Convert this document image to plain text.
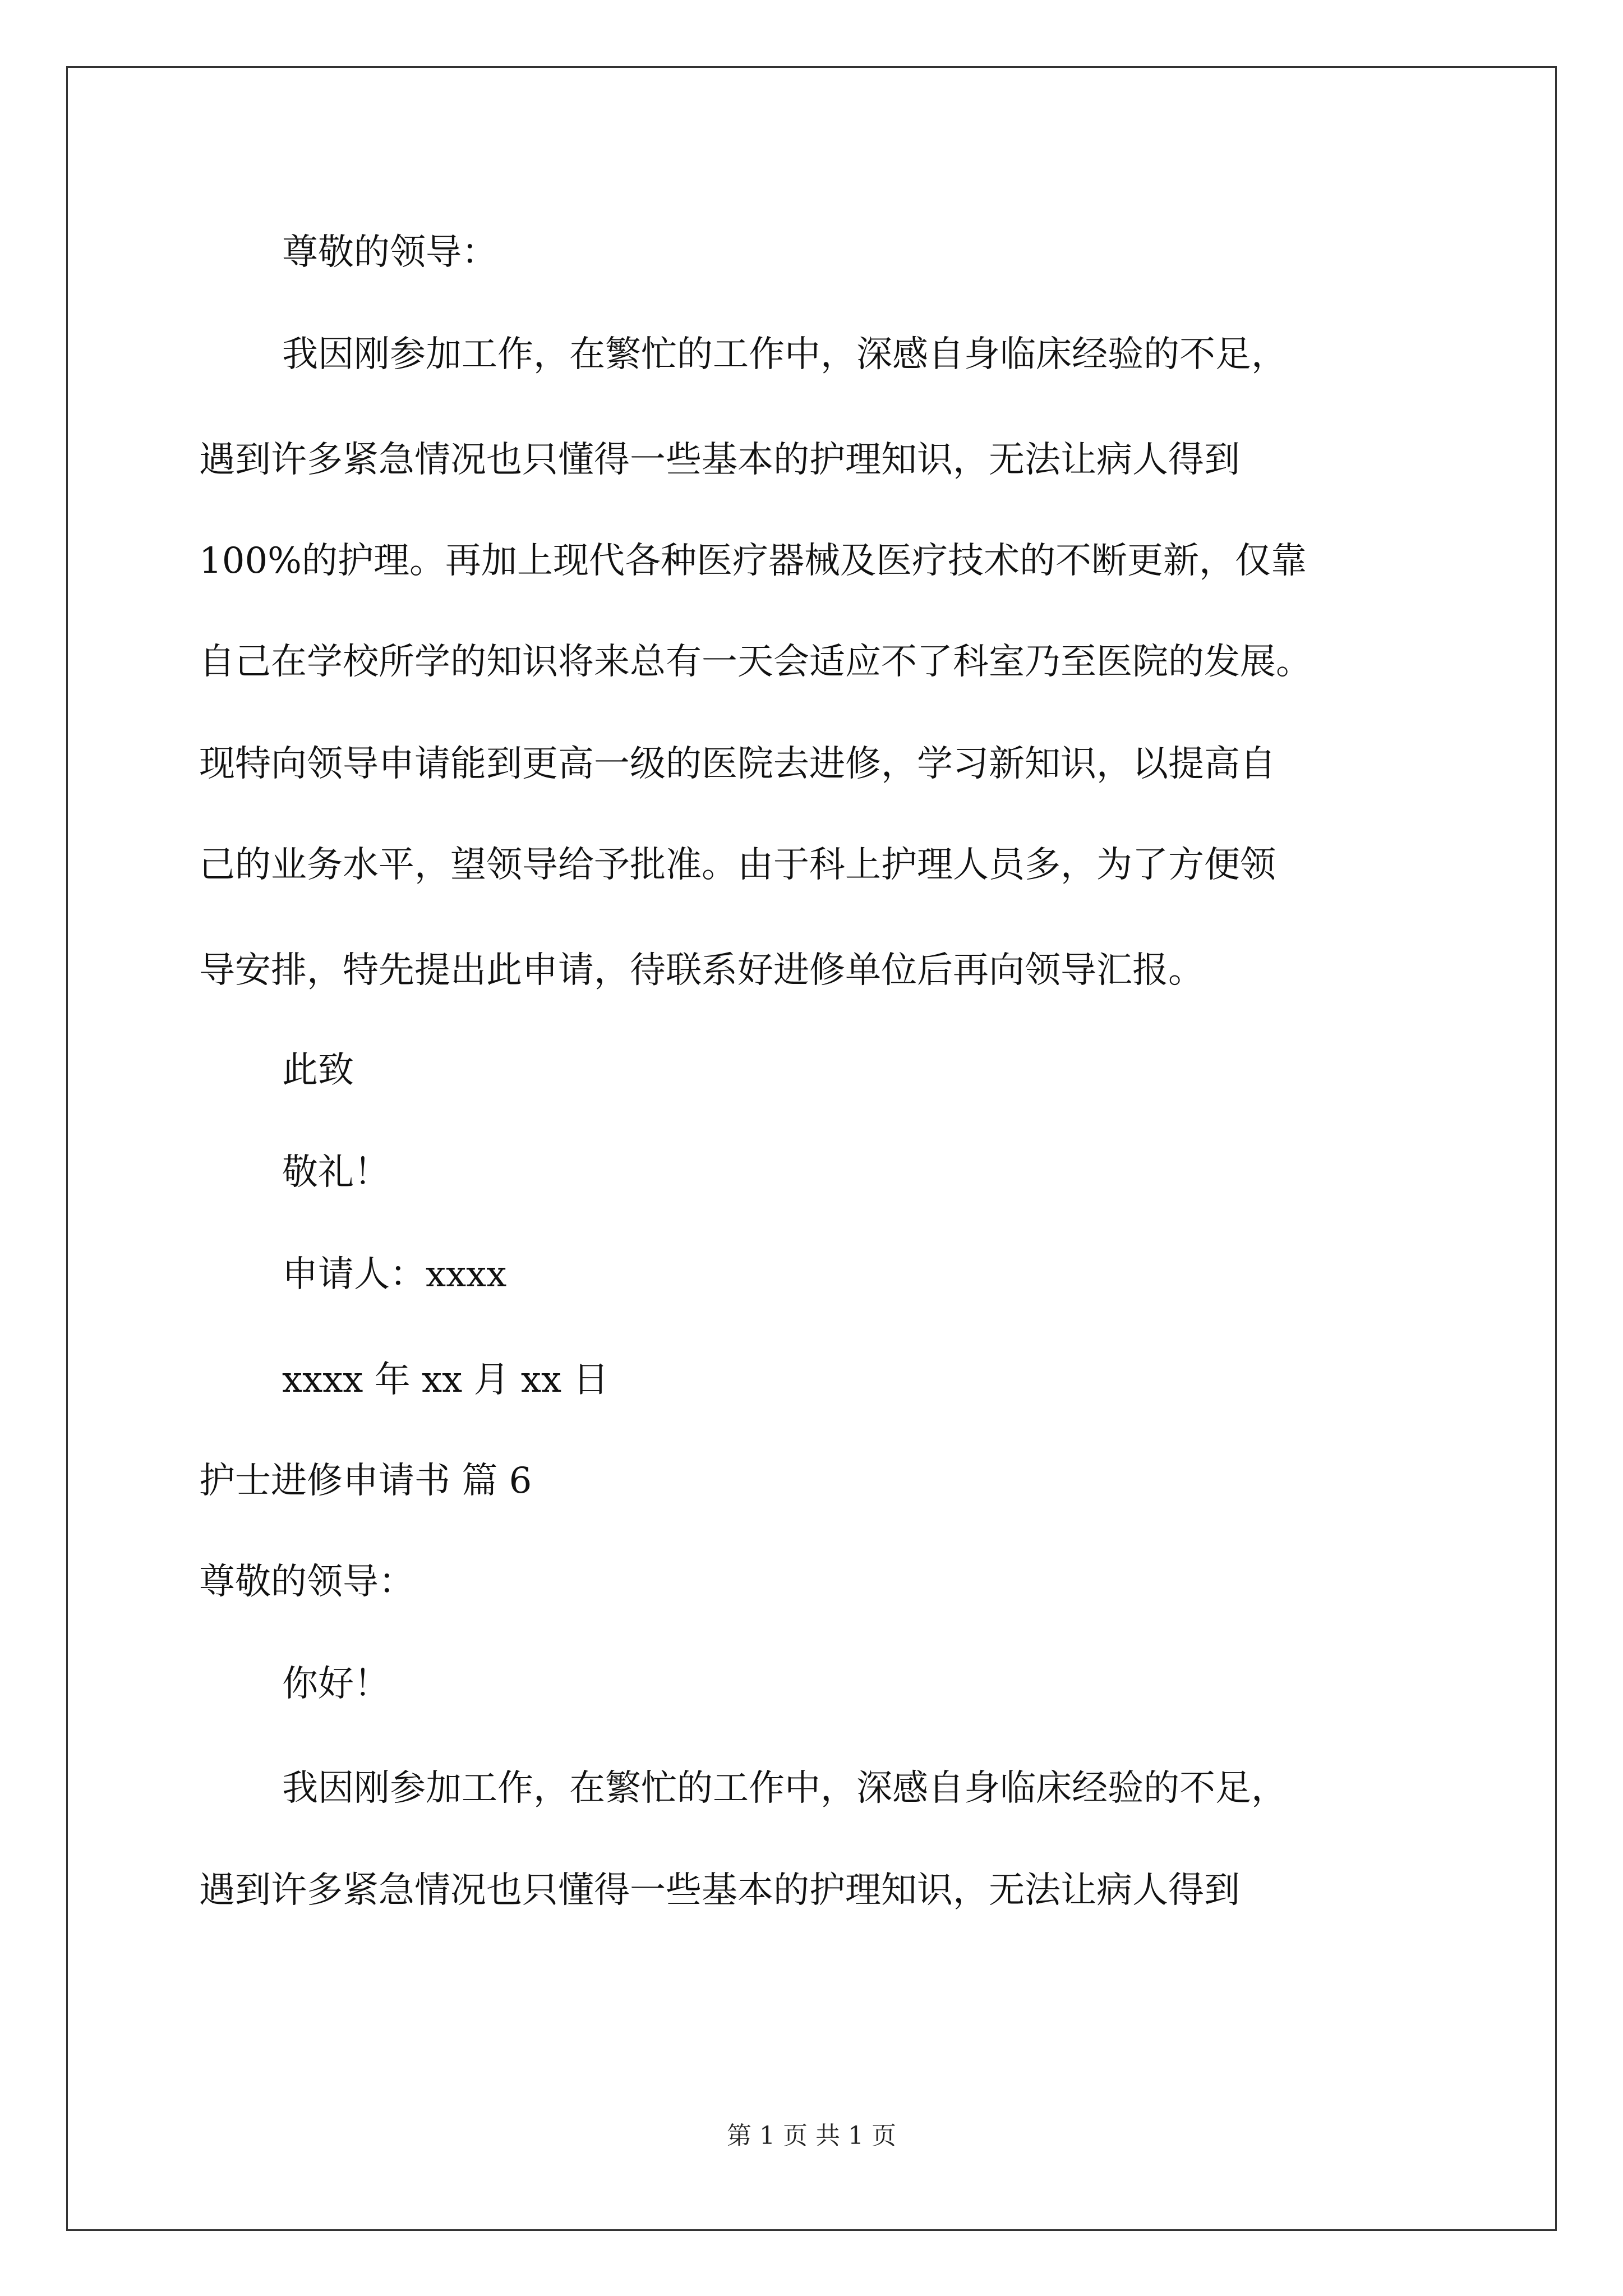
尊敬的领导：
我因刚参加工作，在繁忙的工作中，深感自身临床经验的不足，
遇到许多紧急情况也只懂得一些基本的护理知识，无法让病人得到
100%的护理。再加上现代各种医疗器械及医疗技术的不断更新，仅靠
自己在学校所学的知识将来总有一天会适应不了科室乃至医院的发展。
现特向领导申请能到更高一级的医院去进修，学习新知识，以提高自
己的业务水平，望领导给予批准。由于科上护理人员多，为了方便领
导安排，特先提出此申请，待联系好进修单位后再向领导汇报。
此致
敬礼！
申请人：xxxx
xxxx 年 xx 月 xx 日
护士进修申请书 篇 6
尊敬的领导：
你好！
我因刚参加工作，在繁忙的工作中，深感自身临床经验的不足，
遇到许多紧急情况也只懂得一些基本的护理知识，无法让病人得到
第 1 页 共 1 页
